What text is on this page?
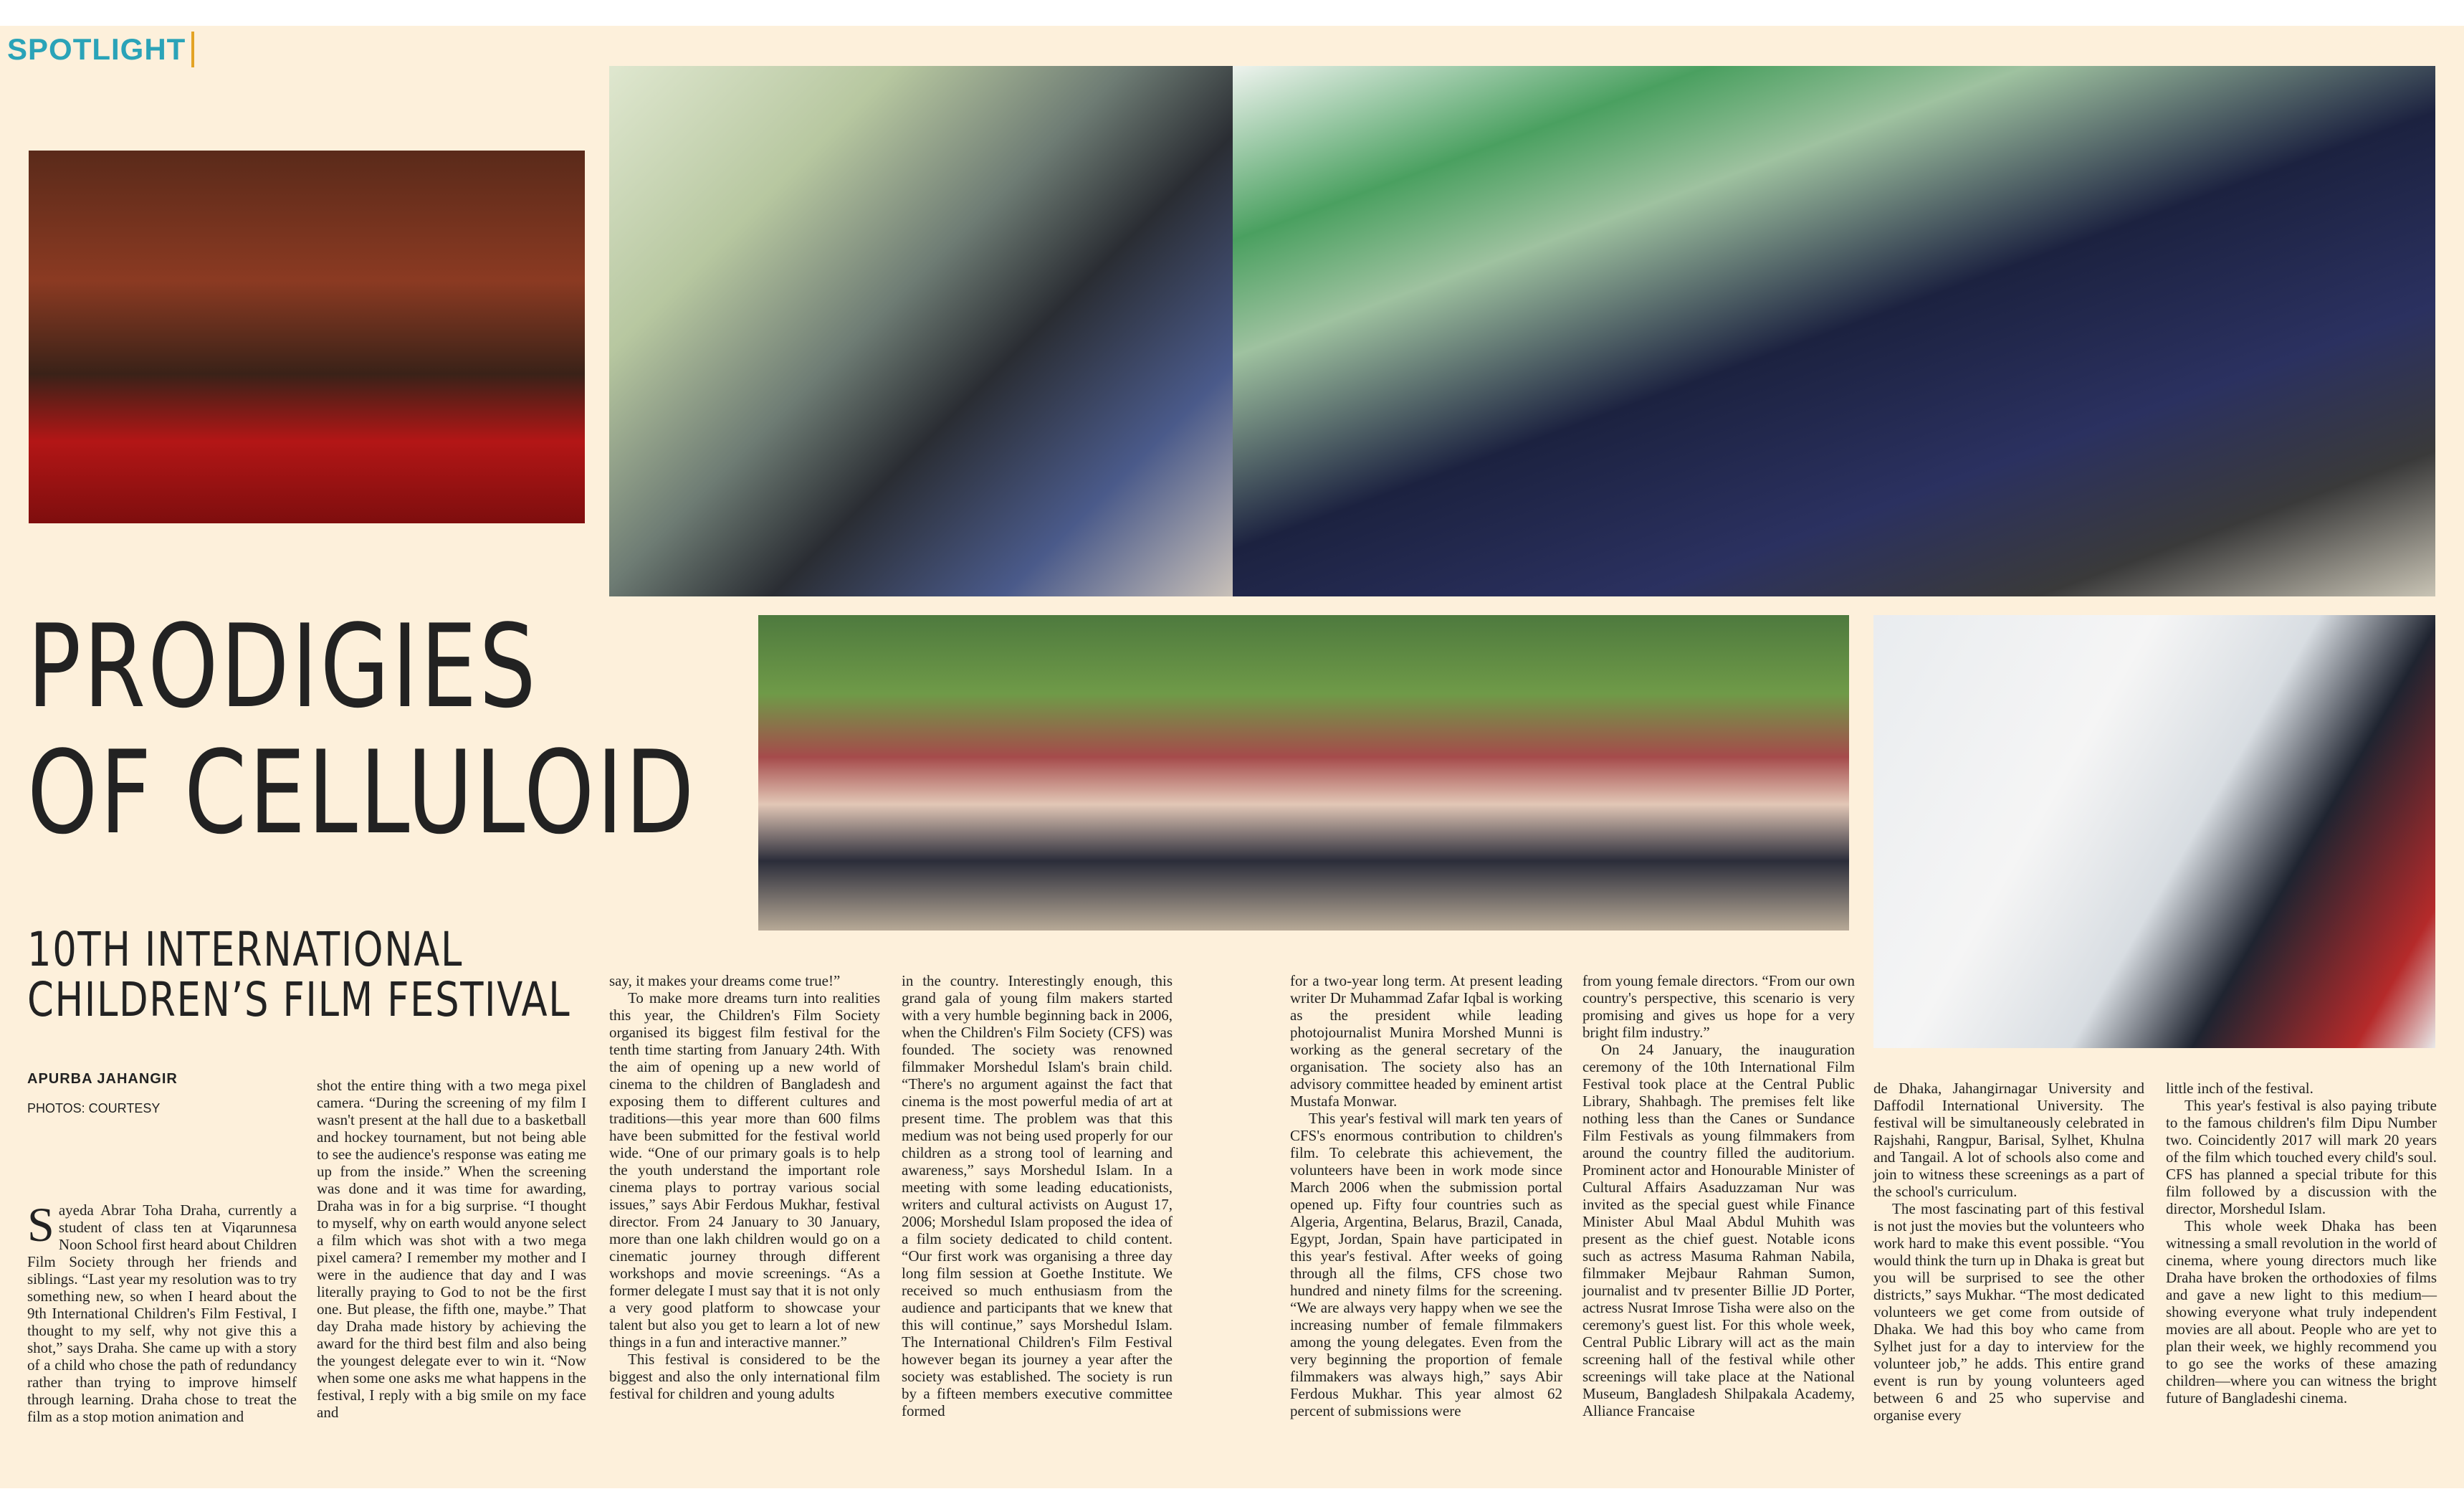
SPOTLIGHT
PRODIGIES
OF CELLULOID
10TH INTERNATIONAL
CHILDREN’S FILM FESTIVAL
APURBA JAHANGIR
PHOTOS: COURTESY

Sayeda Abrar Toha Draha, currently a student of class ten at Viqarunnesa Noon School first heard about Children Film Society through her friends and siblings. “Last year my resolution was to try something new, so when I heard about the 9th International Children's Film Festival, I thought to my self, why not give this a shot,” says Draha. She came up with a story of a child who chose the path of redundancy rather than trying to improve himself through learning. Draha chose to treat the film as a stop motion animation and

shot the entire thing with a two mega pixel camera. “During the screening of my film I wasn't present at the hall due to a basketball and hockey tournament, but not being able to see the audience's response was eating me up from the inside.” When the screening was done and it was time for awarding, Draha was in for a big surprise. “I thought to myself, why on earth would anyone select a film which was shot with a two mega pixel camera? I remember my mother and I were in the audience that day and I was literally praying to God to not be the first one. But please, the fifth one, maybe.” That day Draha made history by achieving the award for the third best film and also being the youngest delegate ever to win it. “Now when some one asks me what happens in the festival, I reply with a big smile on my face and

say, it makes your dreams come true!”

To make more dreams turn into realities this year, the Children's Film Society organised its biggest film festival for the tenth time starting from January 24th. With the aim of opening up a new world of cinema to the children of Bangladesh and exposing them to different cultures and traditions—this year more than 600 films have been submitted for the festival world wide. “One of our primary goals is to help the youth understand the important role cinema plays to portray various social issues,” says Abir Ferdous Mukhar, festival director. From 24 January to 30 January, more than one lakh children would go on a cinematic journey through different workshops and movie screenings. “As a former delegate I must say that it is not only a very good platform to showcase your talent but also you get to learn a lot of new things in a fun and interactive manner.”

This festival is considered to be the biggest and also the only international film festival for children and young adults

in the country. Interestingly enough, this grand gala of young film makers started with a very humble beginning back in 2006, when the Children's Film Society (CFS) was founded. The society was renowned filmmaker Morshedul Islam's brain child. “There's no argument against the fact that cinema is the most powerful media of art at present time. The problem was that this medium was not being used properly for our children as a strong tool of learning and awareness,” says Morshedul Islam. In a meeting with some leading educationists, writers and cultural activists on August 17, 2006; Morshedul Islam proposed the idea of a film society dedicated to child content. “Our first work was organising a three day long film session at Goethe Institute. We received so much enthusiasm from the audience and participants that we knew that this will continue,” says Morshedul Islam. The International Children's Film Festival however began its journey a year after the society was established. The society is run by a fifteen members executive committee formed

for a two-year long term. At present leading writer Dr Muhammad Zafar Iqbal is working as the president while leading photojournalist Munira Morshed Munni is working as the general secretary of the organisation. The society also has an advisory committee headed by eminent artist Mustafa Monwar.

This year's festival will mark ten years of CFS's enormous contribution to children's film. To celebrate this achievement, the volunteers have been in work mode since March 2006 when the submission portal opened up. Fifty four countries such as Algeria, Argentina, Belarus, Brazil, Canada, Egypt, Jordan, Spain have participated in this year's festival. After weeks of going through all the films, CFS chose two hundred and ninety films for the screening. “We are always very happy when we see the increasing number of female filmmakers among the young delegates. Even from the very beginning the proportion of female filmmakers was always high,” says Abir Ferdous Mukhar. This year almost 62 percent of submissions were

from young female directors. “From our own country's perspective, this scenario is very promising and gives us hope for a very bright film industry.”

On 24 January, the inauguration ceremony of the 10th International Film Festival took place at the Central Public Library, Shahbagh. The premises felt like nothing less than the Canes or Sundance Film Festivals as young filmmakers from around the country filled the auditorium. Prominent actor and Honourable Minister of Cultural Affairs Asaduzzaman Nur was invited as the special guest while Finance Minister Abul Maal Abdul Muhith was present as the chief guest. Notable icons such as actress Masuma Rahman Nabila, filmmaker Mejbaur Rahman Sumon, journalist and tv presenter Billie JD Porter, actress Nusrat Imrose Tisha were also on the ceremony's guest list. For this whole week, Central Public Library will act as the main screening hall of the festival while other screenings will take place at the National Museum, Bangladesh Shilpakala Academy, Alliance Francaise

de Dhaka, Jahangirnagar University and Daffodil International University. The festival will be simultaneously celebrated in Rajshahi, Rangpur, Barisal, Sylhet, Khulna and Tangail. A lot of schools also come and join to witness these screenings as a part of the school's curriculum.

The most fascinating part of this festival is not just the movies but the volunteers who work hard to make this event possible. “You would think the turn up in Dhaka is great but you will be surprised to see the other districts,” says Mukhar. “The most dedicated volunteers we get come from outside of Dhaka. We had this boy who came from Sylhet just for a day to interview for the volunteer job,” he adds. This entire grand event is run by young volunteers aged between 6 and 25 who supervise and organise every

little inch of the festival.

This year's festival is also paying tribute to the famous children's film Dipu Number two. Coincidently 2017 will mark 20 years of the film which touched every child's soul. CFS has planned a special tribute for this film followed by a discussion with the director, Morshedul Islam.

This whole week Dhaka has been witnessing a small revolution in the world of cinema, where young directors much like Draha have broken the orthodoxies of films and gave a new light to this medium—showing everyone what truly independent movies are all about. People who are yet to plan their week, we highly recommend you to go see the works of these amazing children—where you can witness the bright future of Bangladeshi cinema.
